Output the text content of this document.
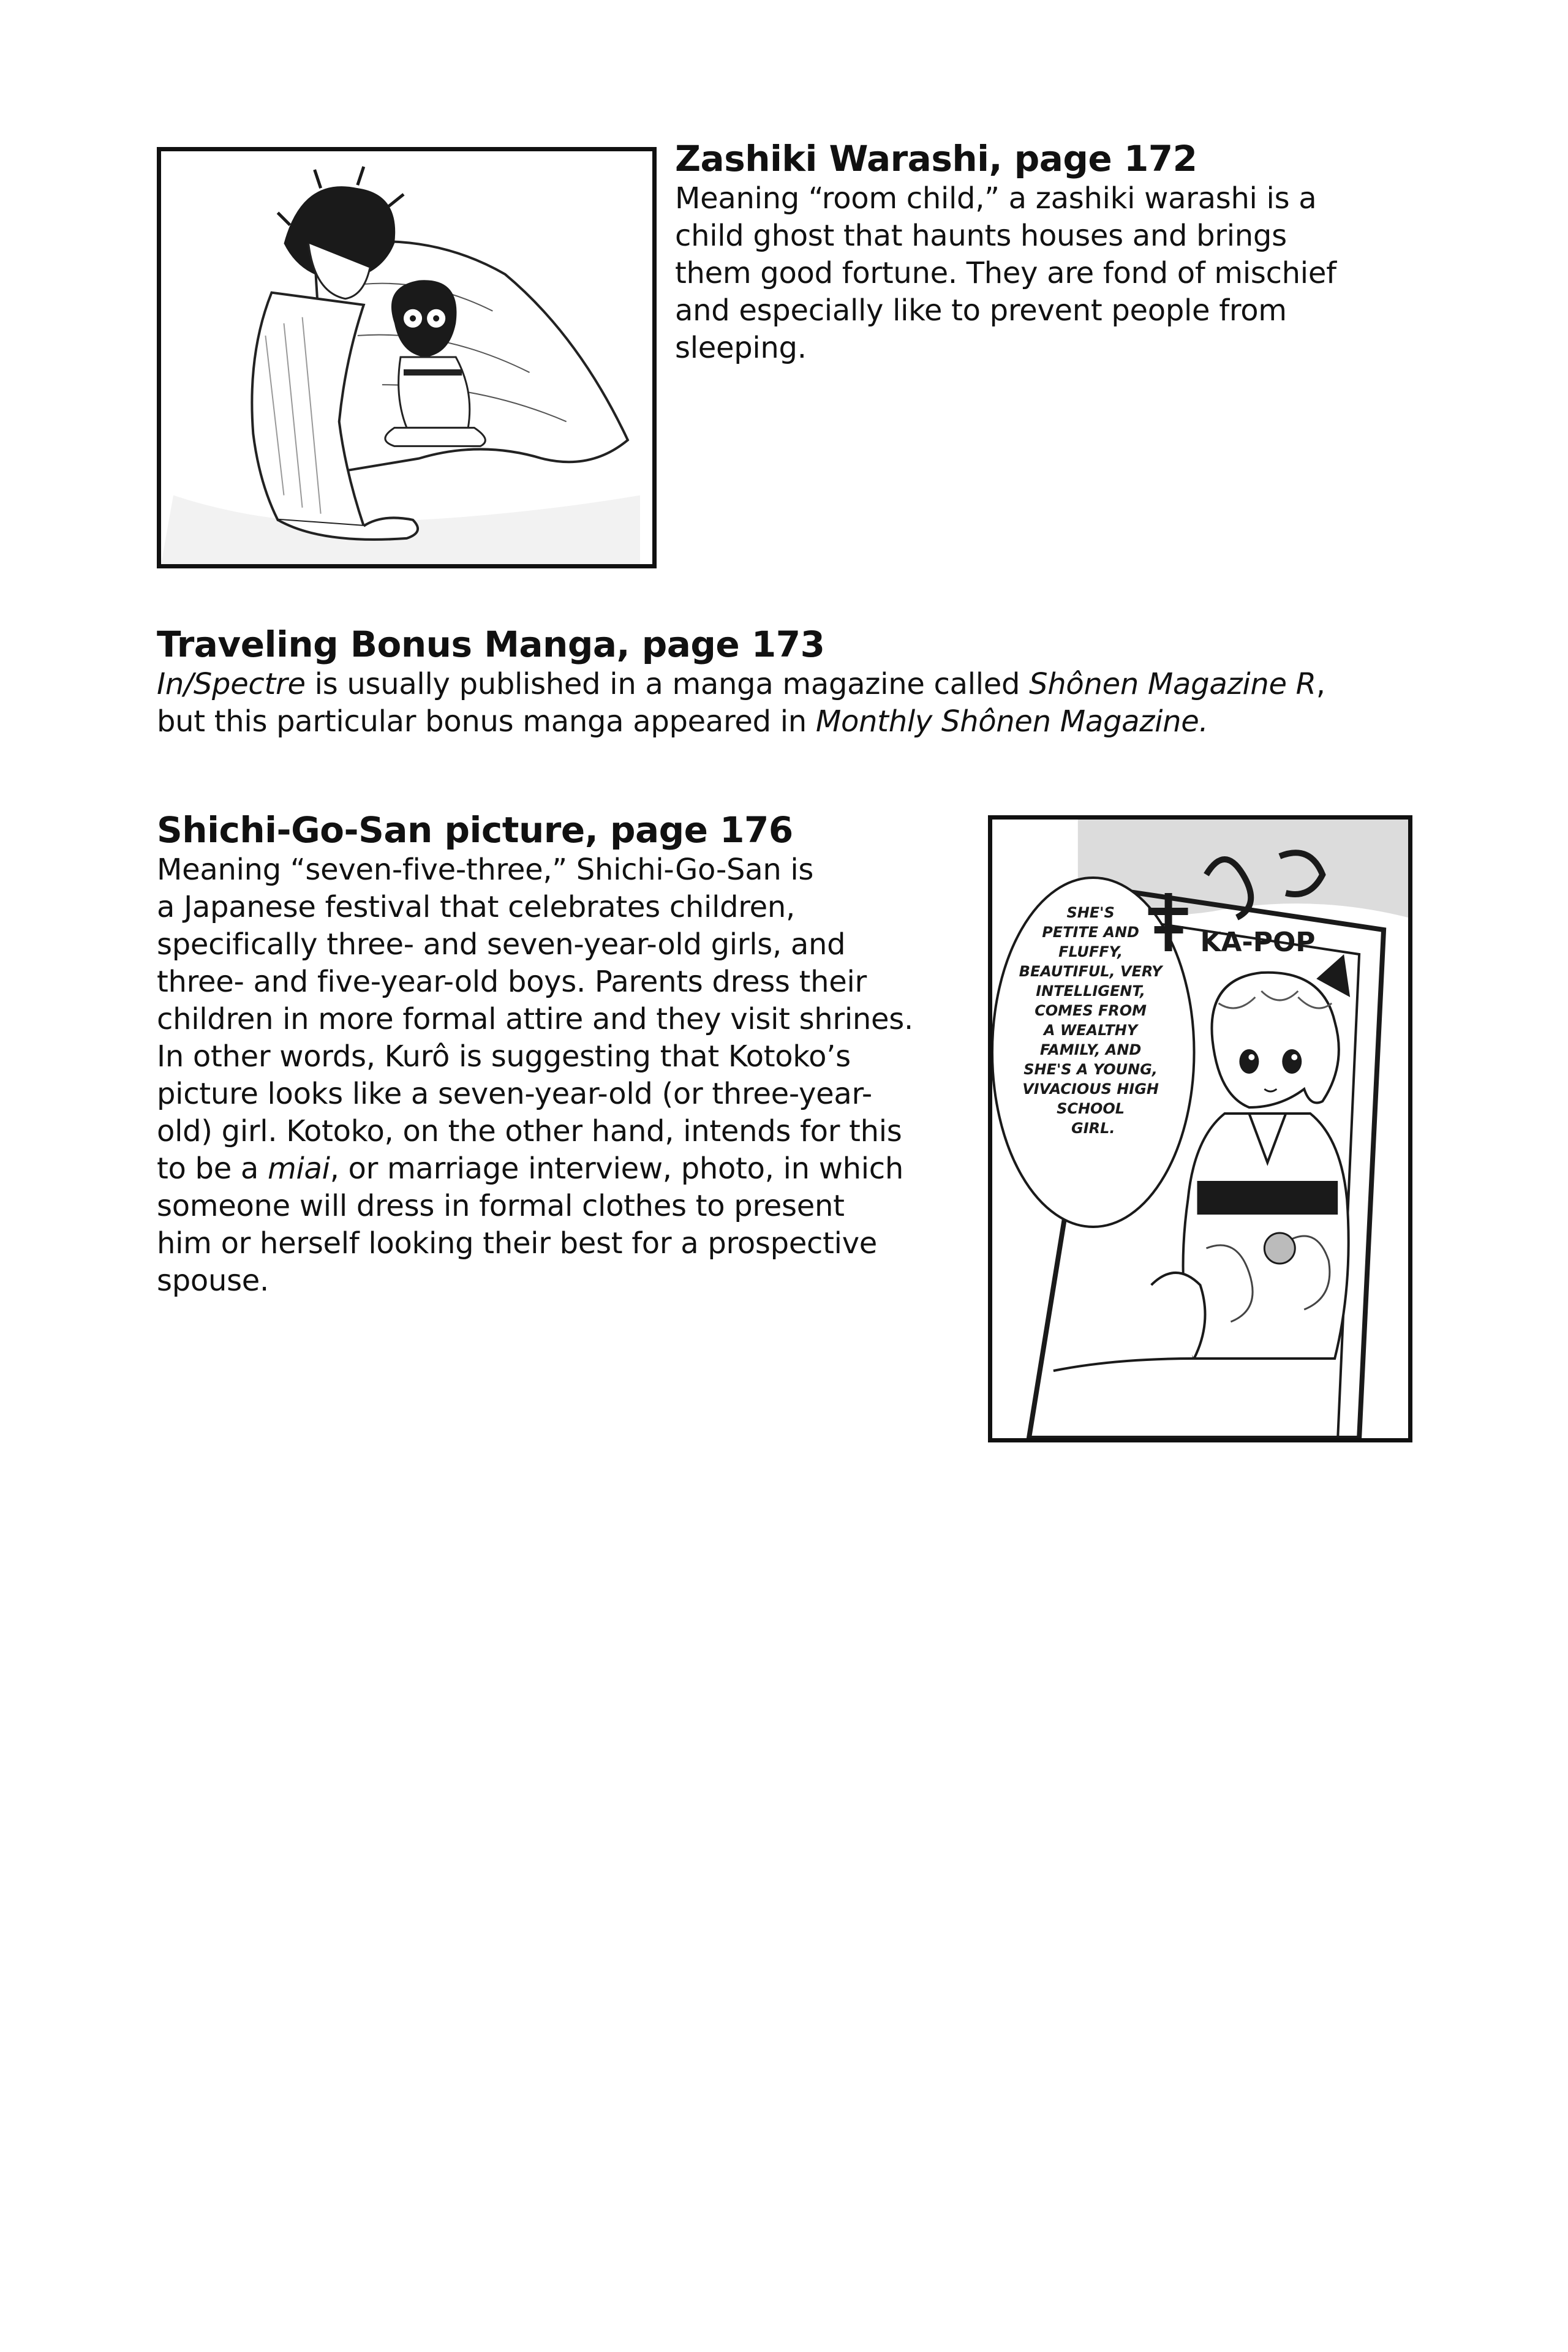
Zashiki Warashi, page 172

Meaning “room child,” a zashiki warashi is a
child ghost that haunts houses and brings
them good fortune. They are fond of mischief
and especially like to prevent people from
sleeping.

Traveling Bonus Manga, page 173

In/Spectre is usually published in a manga magazine called Shônen Magazine R,
but this particular bonus manga appeared in Monthly Shônen Magazine.

Shichi-Go-San picture, page 176

Meaning “seven-five-three,” Shichi-Go-San is
a Japanese festival that celebrates children,
specifically three- and seven-year-old girls, and
three- and five-year-old boys. Parents dress their
children in more formal attire and they visit shrines.
In other words, Kurô is suggesting that Kotoko’s
picture looks like a seven-year-old (or three-year-
old) girl. Kotoko, on the other hand, intends for this
to be a miai, or marriage interview, photo, in which
someone will dress in formal clothes to present
him or herself looking their best for a prospective
spouse.

KA-POP
SHE'S PETITE AND FLUFFY, BEAUTIFUL, VERY INTELLIGENT, COMES FROM A WEALTHY FAMILY, AND SHE'S A YOUNG, VIVACIOUS HIGH SCHOOL GIRL.
